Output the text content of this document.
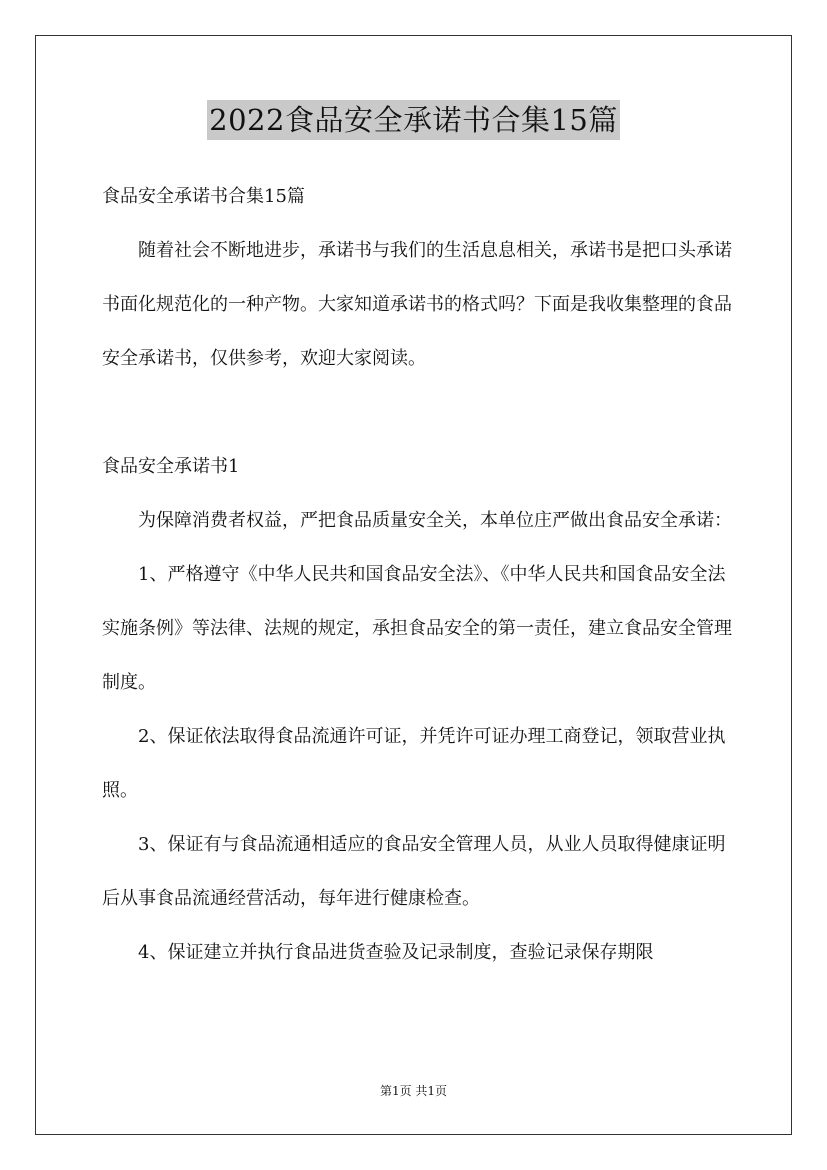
2022食品安全承诺书合集15篇

食品安全承诺书合集15篇

随着社会不断地进步，承诺书与我们的生活息息相关，承诺书是把口头承诺书面化规范化的一种产物。大家知道承诺书的格式吗？下面是我收集整理的食品安全承诺书，仅供参考，欢迎大家阅读。

食品安全承诺书1

为保障消费者权益，严把食品质量安全关，本单位庄严做出食品安全承诺：

1、严格遵守《中华人民共和国食品安全法》、《中华人民共和国食品安全法实施条例》等法律、法规的规定，承担食品安全的第一责任，建立食品安全管理制度。

2、保证依法取得食品流通许可证，并凭许可证办理工商登记，领取营业执照。

3、保证有与食品流通相适应的食品安全管理人员，从业人员取得健康证明后从事食品流通经营活动，每年进行健康检查。

4、保证建立并执行食品进货查验及记录制度，查验记录保存期限

第1页 共1页
